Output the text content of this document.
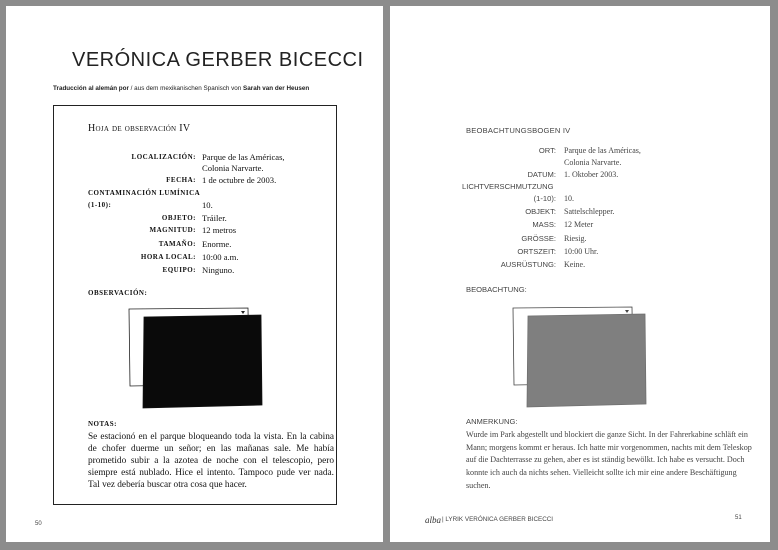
VERÓNICA GERBER BICECCI
Traducción al alemán por / aus dem mexikanischen Spanisch von Sarah van der Heusen
Hoja de observación IV
LOCALIZACIÓN: Parque de las Américas,
Colonia Narvarte.
FECHA: 1 de octubre de 2003.
CONTAMINACIÓN LUMÍNICA
(1-10):	10.
OBJETO: Tráiler.
MAGNITUD: 12 metros
TAMAÑO: Enorme.
HORA LOCAL: 10:00 a.m.
EQUIPO: Ninguno.
OBSERVACIÓN:
NOTAS:
Se estacionó en el parque bloqueando toda la vista. En la cabina de chofer duerme un señor; en las mañanas sale. Me había prometido subir a la azotea de noche con el telescopio, pero siempre está nublado. Hice el intento. Tampoco pude ver nada. Tal vez debería buscar otra cosa que hacer.
50
BEOBACHTUNGSBOGEN IV
ORT: Parque de las Américas,
Colonia Narvarte.
DATUM: 1. Oktober 2003.
LICHTVERSCHMUTZUNG
(1-10): 10.
OBJEKT: Sattelschlepper.
MASS: 12 Meter
GRÖSSE: Riesig.
ORTSZEIT: 10:00 Uhr.
AUSRÜSTUNG: Keine.
BEOBACHTUNG:
ANMERKUNG:
Wurde im Park abgestellt und blockiert die ganze Sicht. In der Fahrerkabine schläft ein Mann; morgens kommt er heraus. Ich hatte mir vorgenommen, nachts mit dem Teleskop auf die Dachterrasse zu gehen, aber es ist ständig bewölkt. Ich habe es versucht. Doch konnte ich auch da nichts sehen. Vielleicht sollte ich mir eine andere Beschäftigung suchen.
alba | LYRIK VERÓNICA GERBER BICECCI	51
